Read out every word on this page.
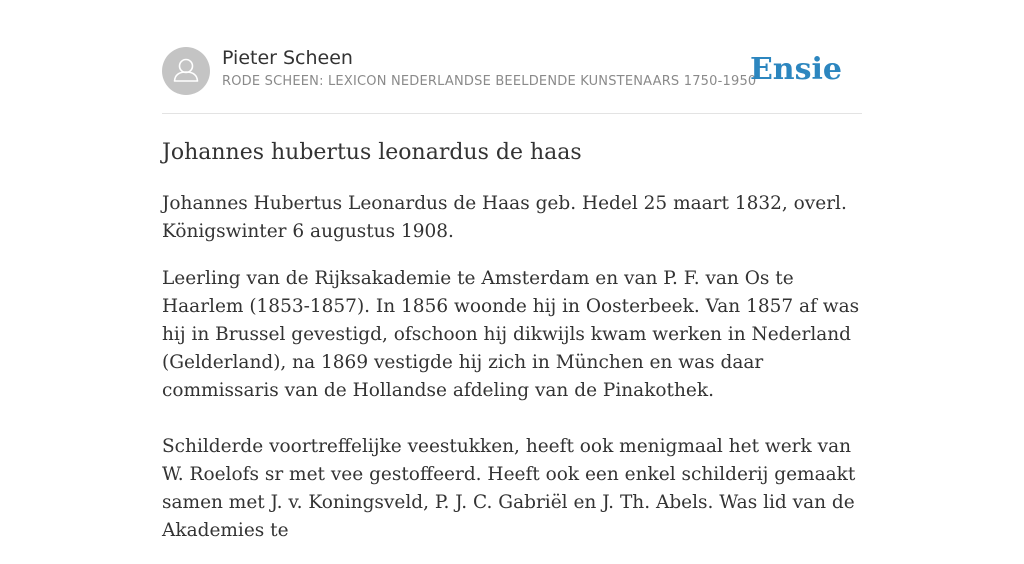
Pieter Scheen
RODE SCHEEN: LEXICON NEDERLANDSE BEELDENDE KUNSTENAARS 1750-1950
Ensie
Johannes hubertus leonardus de haas

Johannes Hubertus Leonardus de Haas geb. Hedel 25 maart 1832, overl. Königswinter 6 augustus 1908.

Leerling van de Rijksakademie te Amsterdam en van P. F. van Os te Haarlem (1853-1857). In 1856 woonde hij in Oosterbeek. Van 1857 af was hij in Brussel gevestigd, ofschoon hij dikwijls kwam werken in Nederland (Gelderland), na 1869 vestigde hij zich in München en was daar commissaris van de Hollandse afdeling van de Pinakothek.

Schilderde voortreffelijke veestukken, heeft ook menigmaal het werk van W. Roelofs sr met vee gestoffeerd. Heeft ook een enkel schilderij gemaakt samen met J. v. Koningsveld, P. J. C. Gabriël en J. Th. Abels. Was lid van de Akademies te
